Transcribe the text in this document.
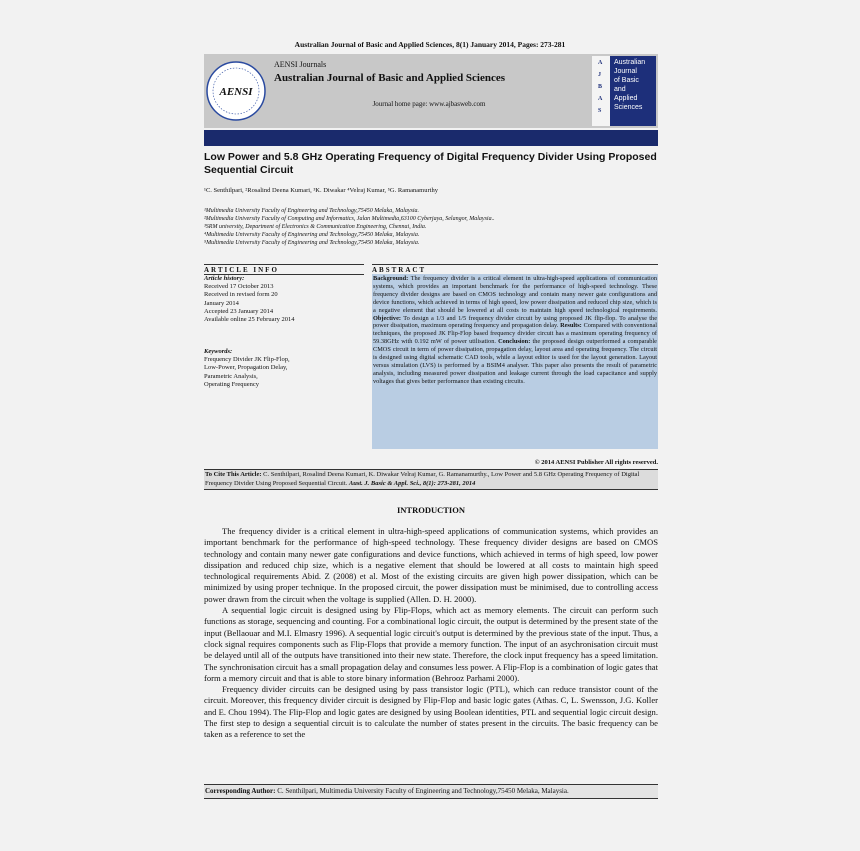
Australian Journal of Basic and Applied Sciences, 8(1) January 2014, Pages: 273-281
AENSI
AENSI Journals
Australian Journal of Basic and Applied Sciences
Journal home page: www.ajbasweb.com
A
J
B
A
S
Australian
Journal
of Basic
and
Applied
Sciences
Low Power and 5.8 GHz Operating Frequency of Digital Frequency Divider Using Proposed Sequential Circuit
¹C. Senthilpari, ²Rosalind Deena Kumari, ³K. Diwakar ⁴Velraj Kumar, ⁵G. Ramanamurthy
¹Multimedia University Faculty of Engineering and Technology,75450 Melaka, Malaysia.
²Multimedia University Faculty of Computing and Informatics, Jalan Multimedia,63100 Cyberjaya, Selangor, Malaysia..
³SRM university, Department of Electronics & Communication Engineering, Chennai, India.
⁴Multimedia University Faculty of Engineering and Technology,75450 Melaka, Malaysia.
⁵Multimedia University Faculty of Engineering and Technology,75450 Melaka, Malaysia.
ARTICLE INFO
Article history:
Received 17 October 2013
Received in revised form 20
January 2014
Accepted 23 January 2014
Available online 25 February 2014
Keywords:
Frequency Divider JK Flip-Flop,
Low-Power, Propagation Delay,
Parametric Analysis,
Operating Frequency
ABSTRACT
Background: The frequency divider is a critical element in ultra-high-speed applications of communication systems, which provides an important benchmark for the performance of high-speed technology. These frequency divider designs are based on CMOS technology and contain many newer gate configurations and device functions, which achieved in terms of high speed, low power dissipation and reduced chip size, which is a negative element that should be lowered at all costs to maintain high speed technological requirements. Objective: To design a 1/3 and 1/5 frequency divider circuit by using proposed JK flip-flop. To analyse the power dissipation, maximum operating frequency and propagation delay. Results: Compared with conventional techniques, the proposed JK Flip-Flop based frequency divider circuit has a maximum operating frequency of 59.38GHz with 0.192 mW of power utilisation. Conclusion: the proposed design outperformed a comparable CMOS circuit in term of power dissipation, propagation delay, layout area and operating frequency. The circuit is designed using digital schematic CAD tools, while a layout editor is used for the layout generation. Layout versus simulation (LVS) is performed by a BSIM4 analyser. This paper also presents the result of parametric analysis, including measured power dissipation and leakage current through the load capacitance and supply voltages that gives better performance than existing circuits.
© 2014 AENSI Publisher All rights reserved.
To Cite This Article: C. Senthilpari, Rosalind Deena Kumari, K. Diwakar Velraj Kumar, G. Ramanamurthy., Low Power and 5.8 GHz Operating Frequency of Digital Frequency Divider Using Proposed Sequential Circuit. Aust. J. Basic & Appl. Sci., 8(1): 273-281, 2014
INTRODUCTION

The frequency divider is a critical element in ultra-high-speed applications of communication systems, which provides an important benchmark for the performance of high-speed technology. These frequency divider designs are based on CMOS technology and contain many newer gate configurations and device functions, which achieved in terms of high speed, low power dissipation and reduced chip size, which is a negative element that should be lowered at all costs to maintain high speed technological requirements Abid. Z (2008) et al. Most of the existing circuits are given high power dissipation, which can be minimized by using proper technique. In the proposed circuit, the power dissipation must be minimised, due to controlling access power drawn from the circuit when the voltage is supplied (Allen. D. H. 2000).

A sequential logic circuit is designed using by Flip-Flops, which act as memory elements. The circuit can perform such functions as storage, sequencing and counting. For a combinational logic circuit, the output is determined by the present state of the input (Bellaouar and M.I. Elmasry 1996). A sequential logic circuit's output is determined by the previous state of the input. Thus, a clock signal requires components such as Flip-Flops that provide a memory function. The input of an asychronisation circuit must be delayed until all of the outputs have transitioned into their new state. Therefore, the clock input frequency has a speed limitation. The synchronisation circuit has a small propagation delay and consumes less power. A Flip-Flop is a combination of logic gates that form a memory circuit and that is able to store binary information (Behrooz Parhami 2000).

Frequency divider circuits can be designed using by pass transistor logic (PTL), which can reduce transistor count of the circuit. Moreover, this frequency divider circuit is designed by Flip-Flop and basic logic gates (Athas. C, L. Swensson, J.G. Koller and E. Chou 1994). The Flip-Flop and logic gates are designed by using Boolean identities, PTL and sequential logic circuit design. The first step to design a sequential circuit is to calculate the number of states present in the circuits. The basic frequency can be taken as a reference to set the

Corresponding Author: C. Senthilpari, Multimedia University Faculty of Engineering and Technology,75450 Melaka, Malaysia.
